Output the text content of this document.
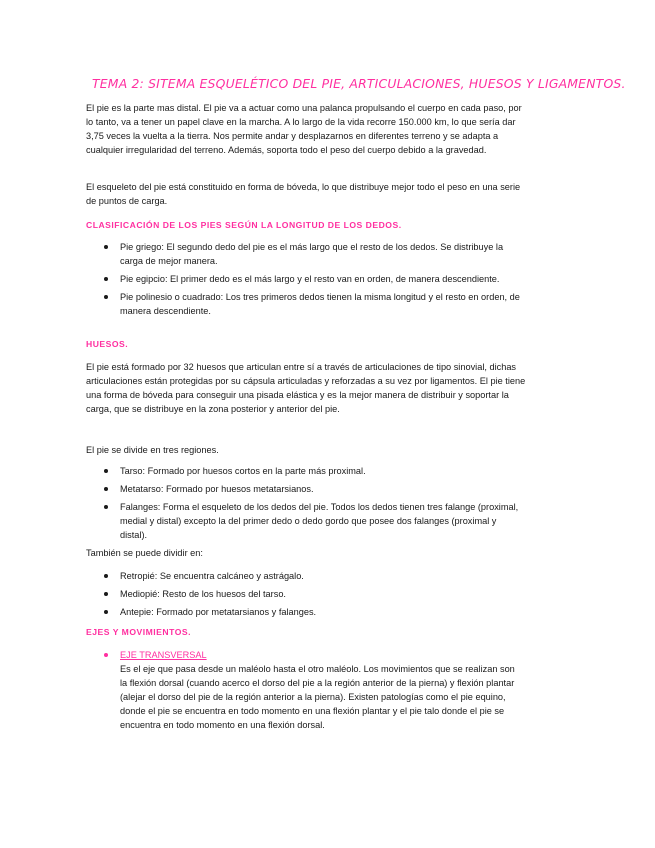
TEMA 2: SITEMA ESQUELÉTICO DEL PIE, ARTICULACIONES, HUESOS Y LIGAMENTOS.

El pie es la parte mas distal. El pie va a actuar como una palanca propulsando el cuerpo en cada paso, por lo tanto, va a tener un papel clave en la marcha. A lo largo de la vida recorre 150.000 km, lo que sería dar 3,75 veces la vuelta a la tierra. Nos permite andar y desplazarnos en diferentes terreno y se adapta a cualquier irregularidad del terreno. Además, soporta todo el peso del cuerpo debido a la gravedad.

El esqueleto del pie está constituido en forma de bóveda, lo que distribuye mejor todo el peso en una serie de puntos de carga.

CLASIFICACIÓN DE LOS PIES SEGÚN LA LONGITUD DE LOS DEDOS.
Pie griego: El segundo dedo del pie es el más largo que el resto de los dedos. Se distribuye la carga de mejor manera.
Pie egipcio: El primer dedo es el más largo y el resto van en orden, de manera descendiente.
Pie polinesio o cuadrado: Los tres primeros dedos tienen la misma longitud y el resto en orden, de manera descendiente.
HUESOS.

El pie está formado por 32 huesos que articulan entre sí a través de articulaciones de tipo sinovial, dichas articulaciones están protegidas por su cápsula articuladas y reforzadas a su vez por ligamentos. El pie tiene una forma de bóveda para conseguir una pisada elástica y es la mejor manera de distribuir y soportar la carga, que se distribuye en la zona posterior y anterior del pie.

El pie se divide en tres regiones.

Tarso: Formado por huesos cortos en la parte más proximal.
Metatarso: Formado por huesos metatarsianos.
Falanges: Forma el esqueleto de los dedos del pie. Todos los dedos tienen tres falange (proximal, medial y distal) excepto la del primer dedo o dedo gordo que posee dos falanges (proximal y distal).

También se puede dividir en:

Retropié: Se encuentra calcáneo y astrágalo.
Mediopié: Resto de los huesos del tarso.
Antepie: Formado por metatarsianos y falanges.
EJES Y MOVIMIENTOS.
EJE TRANSVERSAL
Es el eje que pasa desde un maléolo hasta el otro maléolo. Los movimientos que se realizan son la flexión dorsal (cuando acerco el dorso del pie a la región anterior de la pierna) y flexión plantar (alejar el dorso del pie de la región anterior a la pierna). Existen patologías como el pie equino, donde el pie se encuentra en todo momento en una flexión plantar y el pie talo donde el pie se encuentra en todo momento en una flexión dorsal.
